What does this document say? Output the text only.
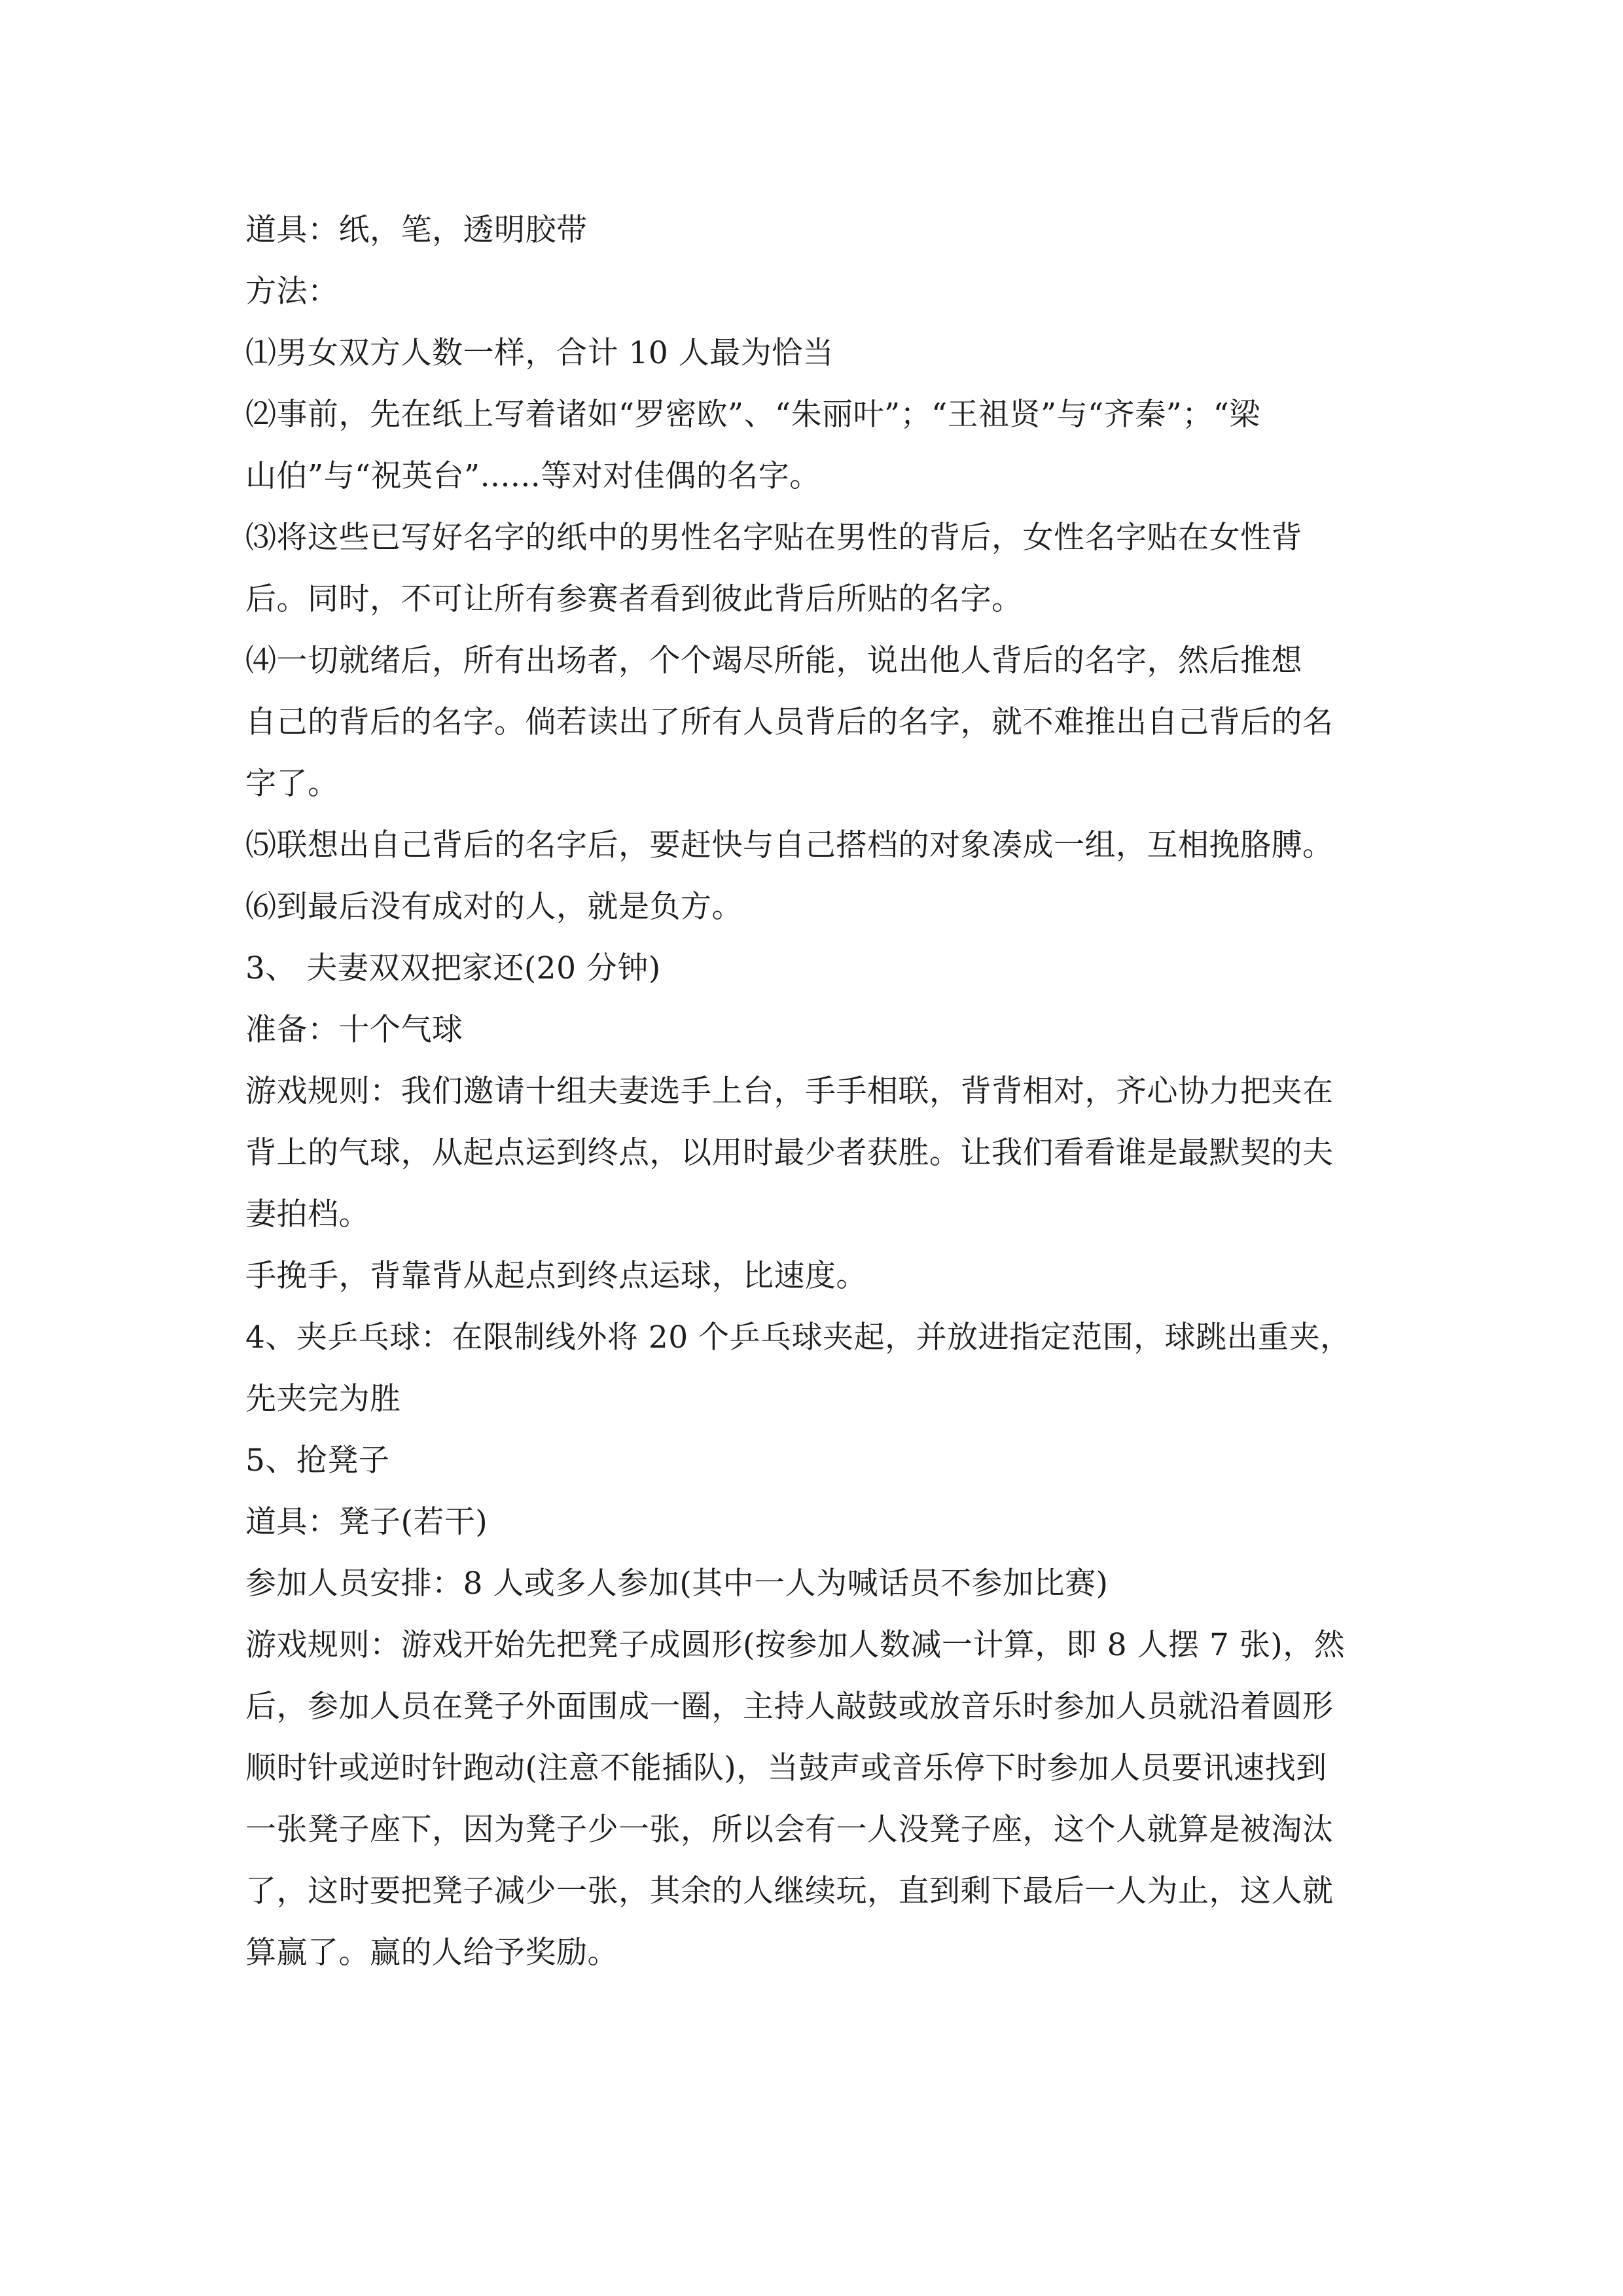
道具：纸，笔，透明胶带
方法：
⑴男女双方人数一样，合计 10 人最为恰当
⑵事前，先在纸上写着诸如“罗密欧”、“朱丽叶”；“王祖贤”与“齐秦”；“梁
山伯”与“祝英台”......等对对佳偶的名字。
⑶将这些已写好名字的纸中的男性名字贴在男性的背后，女性名字贴在女性背
后。同时，不可让所有参赛者看到彼此背后所贴的名字。
⑷一切就绪后，所有出场者，个个竭尽所能，说出他人背后的名字，然后推想
自己的背后的名字。倘若读出了所有人员背后的名字，就不难推出自己背后的名
字了。
⑸联想出自己背后的名字后，要赶快与自己搭档的对象凑成一组，互相挽胳膊。
⑹到最后没有成对的人，就是负方。
3、 夫妻双双把家还(20 分钟)
准备：十个气球
游戏规则：我们邀请十组夫妻选手上台，手手相联，背背相对，齐心协力把夹在
背上的气球，从起点运到终点，以用时最少者获胜。让我们看看谁是最默契的夫
妻拍档。
手挽手，背靠背从起点到终点运球，比速度。
4、夹乒乓球：在限制线外将 20 个乒乓球夹起，并放进指定范围，球跳出重夹，
先夹完为胜
5、抢凳子
道具：凳子(若干)
参加人员安排：8 人或多人参加(其中一人为喊话员不参加比赛)
游戏规则：游戏开始先把凳子成圆形(按参加人数减一计算，即 8 人摆 7 张)，然
后，参加人员在凳子外面围成一圈，主持人敲鼓或放音乐时参加人员就沿着圆形
顺时针或逆时针跑动(注意不能插队)，当鼓声或音乐停下时参加人员要讯速找到
一张凳子座下，因为凳子少一张，所以会有一人没凳子座，这个人就算是被淘汰
了，这时要把凳子减少一张，其余的人继续玩，直到剩下最后一人为止，这人就
算赢了。赢的人给予奖励。
